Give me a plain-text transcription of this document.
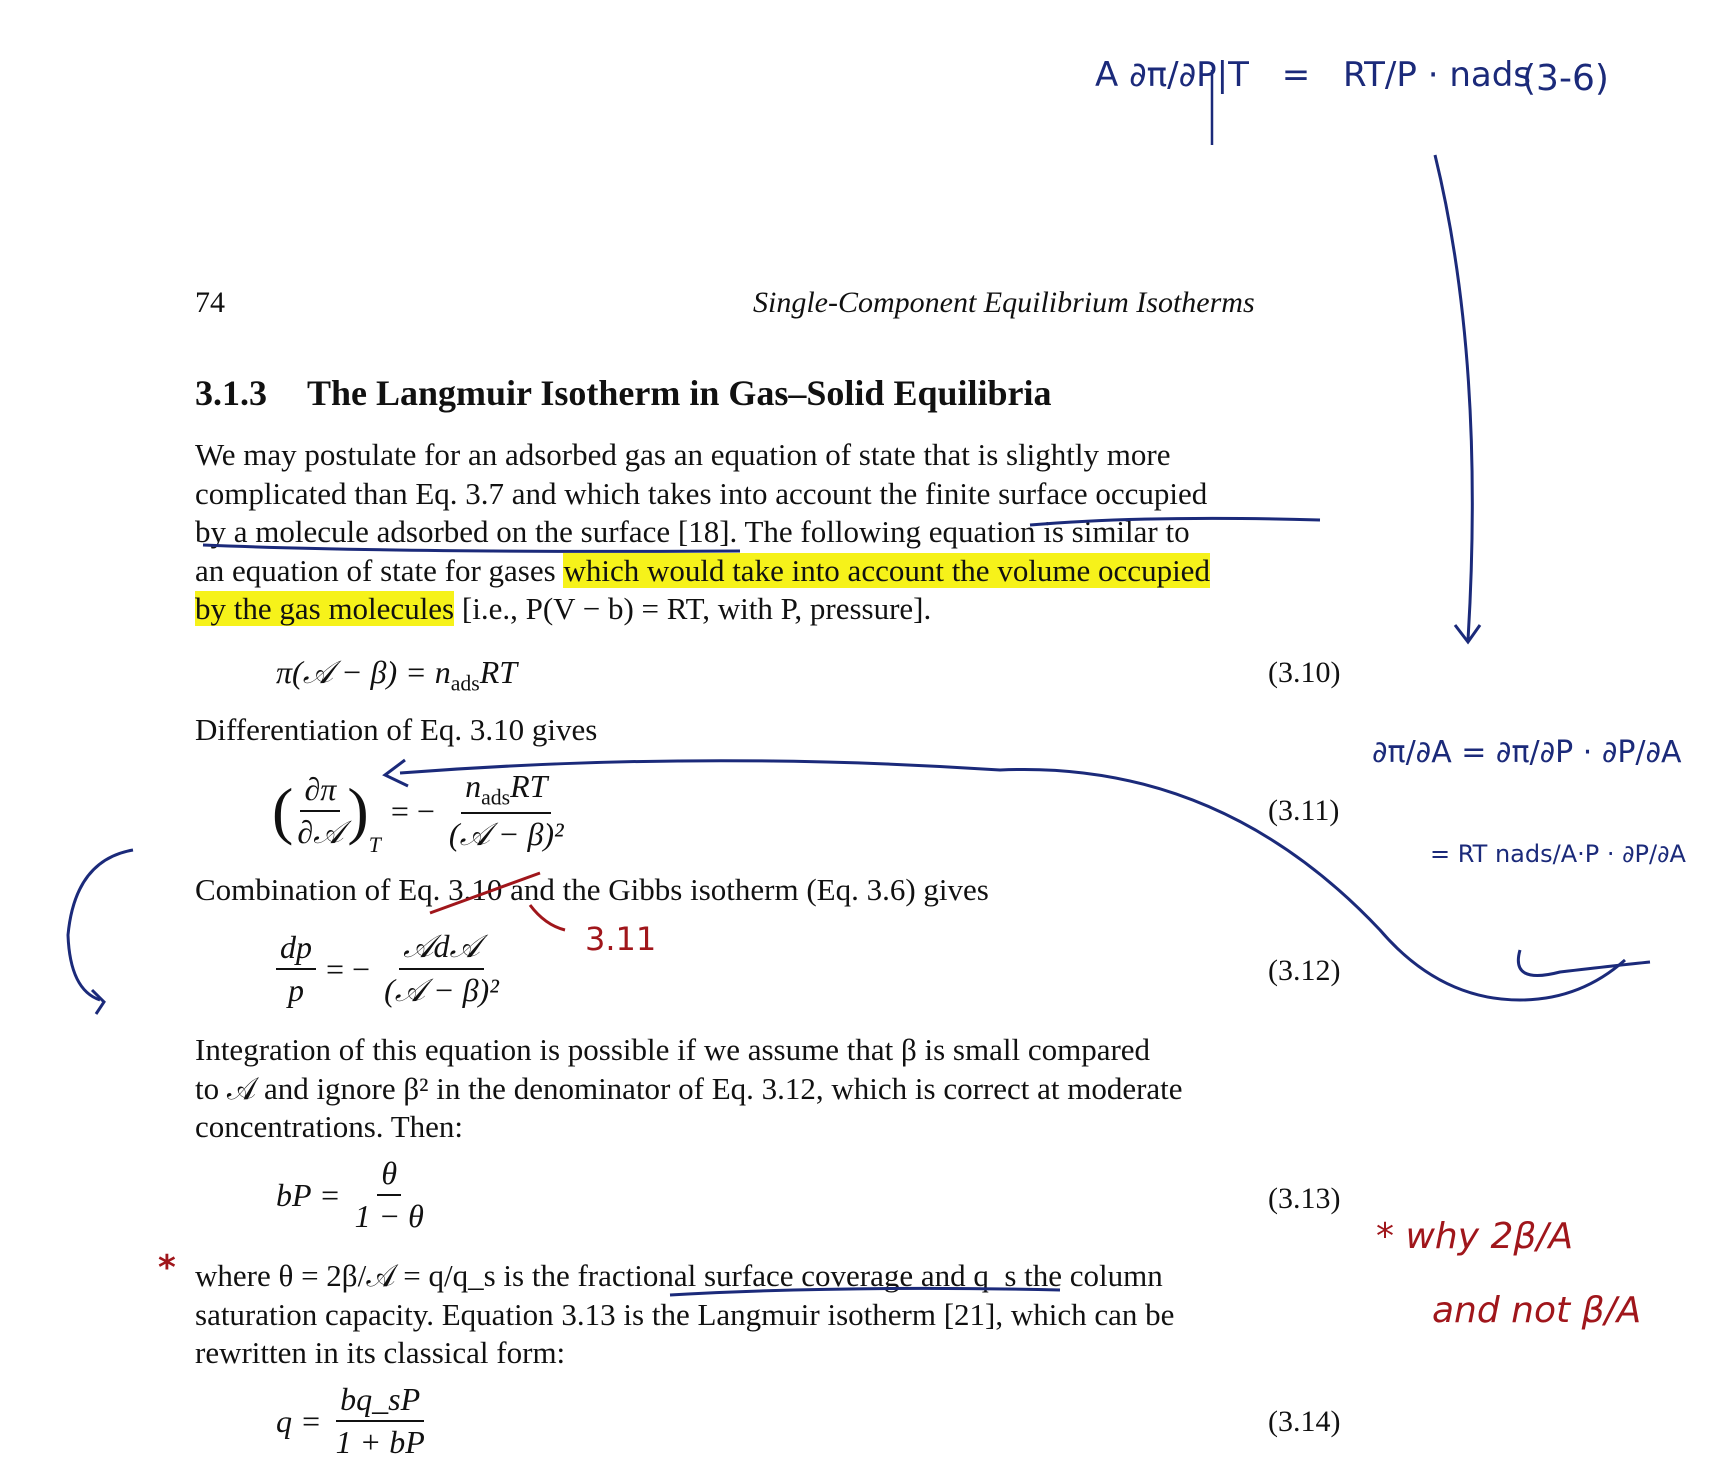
74	Single-Component Equilibrium Isotherms
3.1.3 The Langmuir Isotherm in Gas–Solid Equilibria
We may postulate for an adsorbed gas an equation of state that is slightly more
complicated than Eq. 3.7 and which takes into account the finite surface occupied
by a molecule adsorbed on the surface [18]. The following equation is similar to
an equation of state for gases which would take into account the volume occupied
by the gas molecules [i.e., P(V − b) = RT, with P, pressure].
π(𝒜 − $\beta) = n_{ads}RT$	(3.10)
Differentiation of Eq. 3.10 gives
( $\frac{\partial\pi}{\text{∂𝒜}} )_T$
= − $\frac{n_{ads}RT}{\text{(𝒜 − β)²}}$	(3.11)
Combination of Eq. 3.10 and the Gibbs isotherm (Eq. 3.6) gives
$\frac{dp}{p}$ = − $\frac{\text{𝒜d𝒜}}{\text{(𝒜 − β)²}}$	(3.12)
Integration of this equation is possible if we assume that β is small compared
to 𝒜 and ignore β² in the denominator of Eq. 3.12, which is correct at moderate
concentrations. Then:
bP = $\frac{\theta}{1 - \theta}$	(3.13)
where θ = 2β/𝒜 = q/q_s is the fractional surface coverage and q_s the column
saturation capacity. Equation 3.13 is the Langmuir isotherm [21], which can be
rewritten in its classical form:
$q = \frac{bq\_sP}{1 + bP}$	(3.14)
A ∂π/∂P|T = RT/P · nads
(3-6)
∂π/∂A = ∂π/∂P · ∂P/∂A
= RT nads/A·P · ∂P/∂A
3.11
* why 2β/A
and not β/A
*
